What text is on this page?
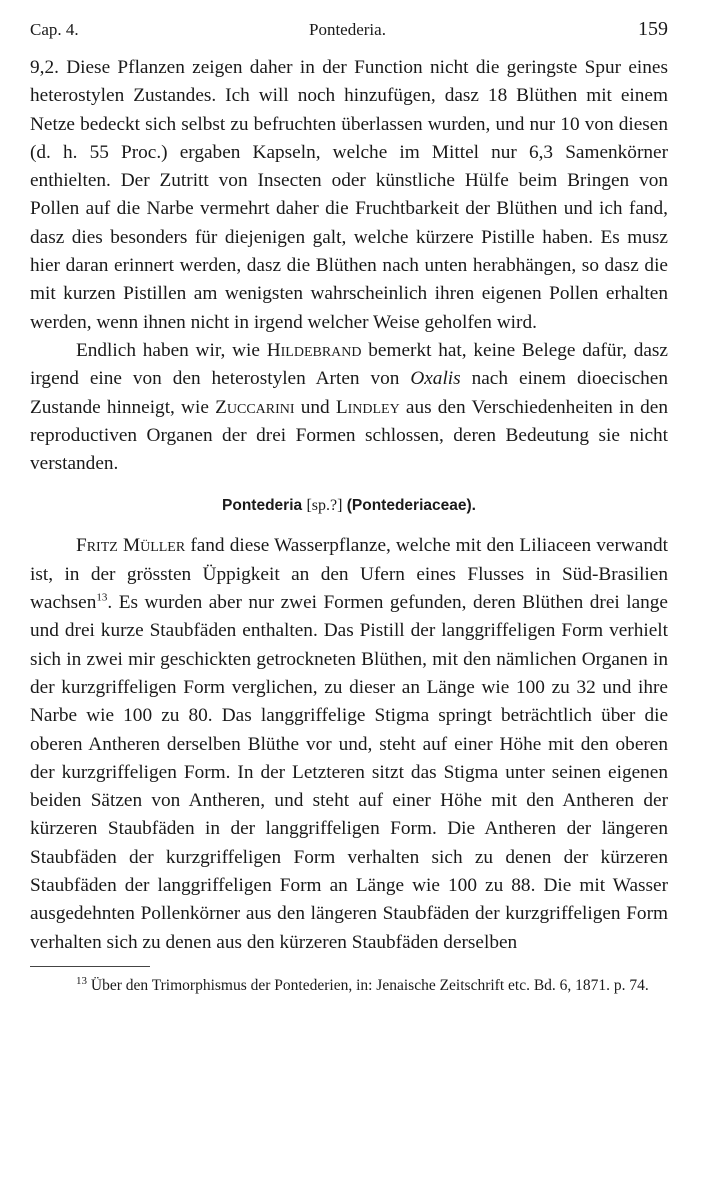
Cap. 4.	Pontederia.	159

9,2. Diese Pflanzen zeigen daher in der Function nicht die geringste Spur eines heterostylen Zustandes. Ich will noch hinzufügen, dasz 18 Blüthen mit einem Netze bedeckt sich selbst zu befruchten überlassen wurden, und nur 10 von diesen (d. h. 55 Proc.) ergaben Kapseln, welche im Mittel nur 6,3 Samenkörner enthielten. Der Zutritt von Insecten oder künstliche Hülfe beim Bringen von Pollen auf die Narbe vermehrt daher die Fruchtbarkeit der Blüthen und ich fand, dasz dies besonders für diejenigen galt, welche kürzere Pistille haben. Es musz hier daran erinnert werden, dasz die Blüthen nach unten herabhängen, so dasz die mit kurzen Pistillen am wenigsten wahrscheinlich ihren eigenen Pollen erhalten werden, wenn ihnen nicht in irgend welcher Weise geholfen wird.

Endlich haben wir, wie Hildebrand bemerkt hat, keine Belege dafür, dasz irgend eine von den heterostylen Arten von Oxalis nach einem dioecischen Zustande hinneigt, wie Zuccarini und Lindley aus den Verschiedenheiten in den reproductiven Organen der drei Formen schlossen, deren Bedeutung sie nicht verstanden.

Pontederia [sp.?] (Pontederiaceae).

Fritz Müller fand diese Wasserpflanze, welche mit den Liliaceen verwandt ist, in der grössten Üppigkeit an den Ufern eines Flusses in Süd-Brasilien wachsen$^{13}$. Es wurden aber nur zwei Formen gefunden, deren Blüthen drei lange und drei kurze Staubfäden enthalten. Das Pistill der langgriffeligen Form verhielt sich in zwei mir geschickten getrockneten Blüthen, mit den nämlichen Organen in der kurzgriffeligen Form verglichen, zu dieser an Länge wie 100 zu 32 und ihre Narbe wie 100 zu 80. Das langgriffelige Stigma springt beträchtlich über die oberen Antheren derselben Blüthe vor und, steht auf einer Höhe mit den oberen der kurzgriffeligen Form. In der Letzteren sitzt das Stigma unter seinen eigenen beiden Sätzen von Antheren, und steht auf einer Höhe mit den Antheren der kürzeren Staubfäden in der langgriffeligen Form. Die Antheren der längeren Staubfäden der kurzgriffeligen Form verhalten sich zu denen der kürzeren Staubfäden der langgriffeligen Form an Länge wie 100 zu 88. Die mit Wasser ausgedehnten Pollenkörner aus den längeren Staubfäden der kurzgriffeligen Form verhalten sich zu denen aus den kürzeren Staubfäden derselben

$^{13}$ Über den Trimorphismus der Pontederien, in: Jenaische Zeitschrift etc. Bd. 6, 1871. p. 74.
